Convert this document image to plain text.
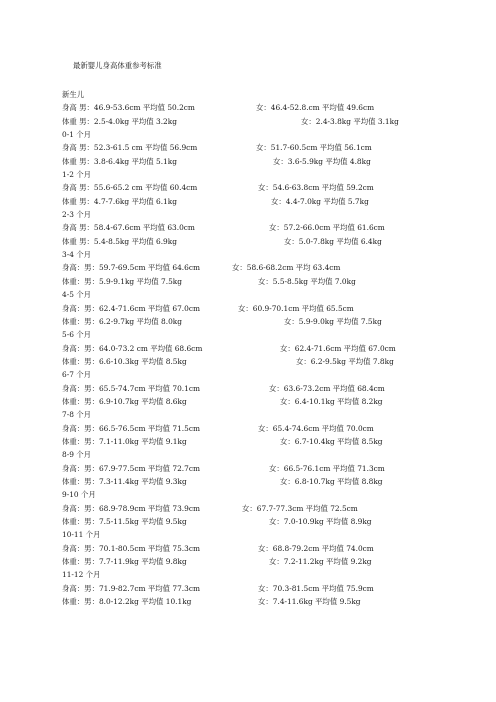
最新婴儿身高体重参考标准
新生儿
身高 男：46.9-53.6cm 平均值 50.2cm	女：46.4-52.8.cm 平均值 49.6cm
体重 男：2.5-4.0kg 平均值 3.2kg	女：2.4-3.8kg 平均值 3.1kg
0-1 个月
身高 男：52.3-61.5 cm 平均值 56.9cm	女：51.7-60.5cm 平均值 56.1cm
体重 男：3.8-6.4kg 平均值 5.1kg	女：3.6-5.9kg 平均值 4.8kg
1-2 个月
身高 男：55.6-65.2 cm 平均值 60.4cm	女：54.6-63.8cm 平均值 59.2cm
体重 男：4.7-7.6kg 平均值 6.1kg	女：4.4-7.0kg 平均值 5.7kg
2-3 个月
身高 男：58.4-67.6cm 平均值 63.0cm	女：57.2-66.0cm 平均值 61.6cm
体重 男：5.4-8.5kg 平均值 6.9kg	女：5.0-7.8kg 平均值 6.4kg
3-4 个月
身高：男：59.7-69.5cm 平均值 64.6cm	女：58.6-68.2cm 平均 63.4cm
体重：男：5.9-9.1kg 平均值 7.5kg	女：5.5-8.5kg 平均值 7.0kg
4-5 个月
身高：男：62.4-71.6cm 平均值 67.0cm	女：60.9-70.1cm 平均值 65.5cm
体重：男：6.2-9.7kg 平均值 8.0kg	女：5.9-9.0kg 平均值 7.5kg
5-6 个月
身高：男：64.0-73.2 cm 平均值 68.6cm	女：62.4-71.6cm 平均值 67.0cm
体重：男：6.6-10.3kg 平均值 8.5kg	女：6.2-9.5kg 平均值 7.8kg
6-7 个月
身高：男：65.5-74.7cm 平均值 70.1cm	女：63.6-73.2cm 平均值 68.4cm
体重：男：6.9-10.7kg 平均值 8.6kg	女：6.4-10.1kg 平均值 8.2kg
7-8 个月
身高：男：66.5-76.5cm 平均值 71.5cm	女：65.4-74.6cm 平均值 70.0cm
体重：男：7.1-11.0kg 平均值 9.1kg	女：6.7-10.4kg 平均值 8.5kg
8-9 个月
身高：男：67.9-77.5cm 平均值 72.7cm	女：66.5-76.1cm 平均值 71.3cm
体重：男：7.3-11.4kg 平均值 9.3kg	女：6.8-10.7kg 平均值 8.8kg
9-10 个月
身高：男：68.9-78.9cm 平均值 73.9cm	女：67.7-77.3cm 平均值 72.5cm
体重：男：7.5-11.5kg 平均值 9.5kg	女：7.0-10.9kg 平均值 8.9kg
10-11 个月
身高：男：70.1-80.5cm 平均值 75.3cm	女：68.8-79.2cm 平均值 74.0cm
体重：男：7.7-11.9kg 平均值 9.8kg	女：7.2-11.2kg 平均值 9.2kg
11-12 个月
身高：男：71.9-82.7cm 平均值 77.3cm	女：70.3-81.5cm 平均值 75.9cm
体重：男：8.0-12.2kg 平均值 10.1kg	女：7.4-11.6kg 平均值 9.5kg
